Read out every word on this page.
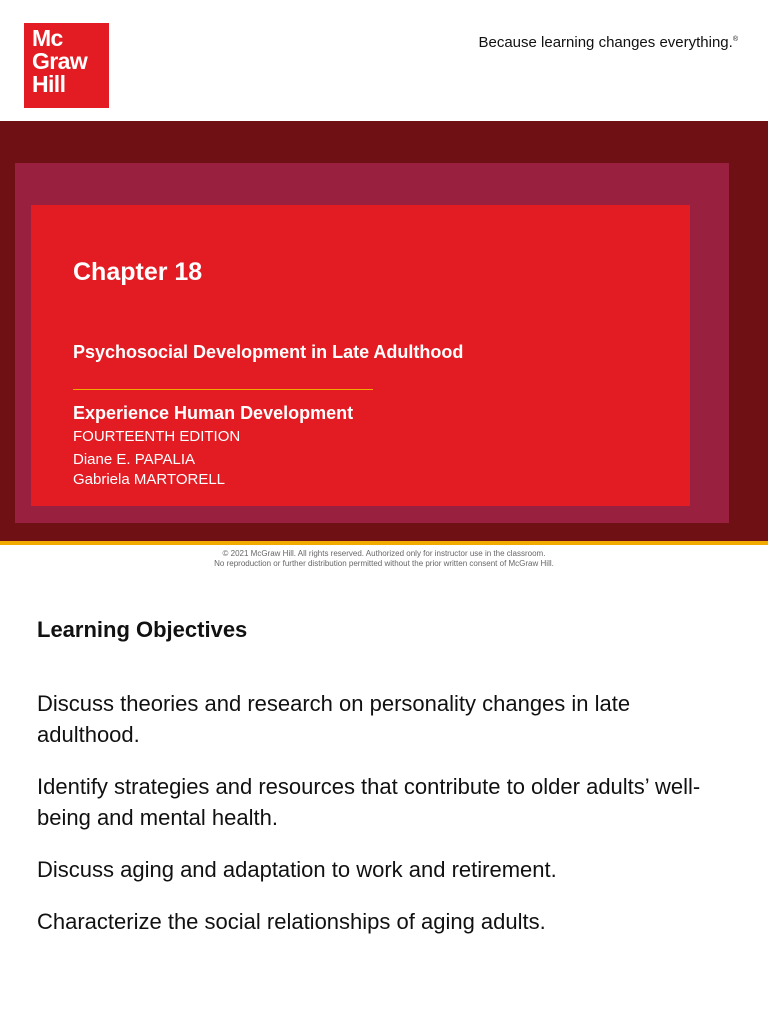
Mc
Graw
Hill
Because learning changes everything.®
Chapter 18
Psychosocial Development in Late Adulthood
Experience Human Development
FOURTEENTH EDITION
Diane E. PAPALIA
Gabriela MARTORELL
© 2021 McGraw Hill. All rights reserved. Authorized only for instructor use in the classroom.
No reproduction or further distribution permitted without the prior written consent of McGraw Hill.
Learning Objectives
Discuss theories and research on personality changes in late adulthood.
Identify strategies and resources that contribute to older adults’ well-being and mental health.
Discuss aging and adaptation to work and retirement.
Characterize the social relationships of aging adults.
